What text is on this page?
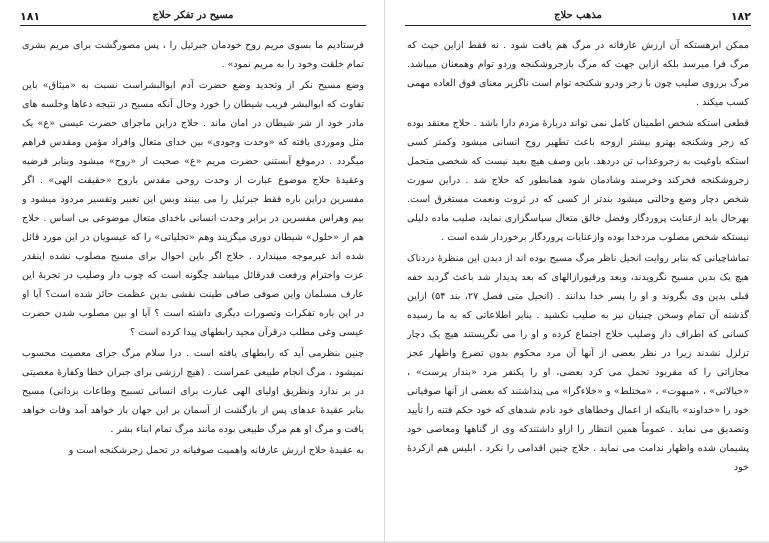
مسیح در تفکر حلاج
١٨١

فرستادیم ما بسوی مریم روح خودمان جبرئیل را ، پس مصورگشت برای مریم بشری تمام خلقت وخود را به مریم نمود» .

وضع مسیح نکر از وتجدید وضع حضرت آدم ابوالبشراست نسبت به «میثاق» باین تفاوت که ابوالبشر فریب شیطان را خورد وحال آنکه مسیح در نتیجه دعاها وخلسه های مادر خود از شر شیطان در امان ماند . حلاج دراین ماجرای حضرت عیسی «ع» یک مثل وموردی یافته که «وحدت وجودی» بین خدای متعال وافراد مؤمن ومقدس فراهم میگردد . درموقع آبستنی حضرت مریم «ع» صحبت از «روح» میشود وبنابر فرضیه وعقیدهٔ حلاج موضوع عبارت از وحدت روحی مقدس باروح «حقیقت الهی» . اگر مفسرین دراین باره فقط جبرئیل را می بینند وبس این تعبیر وتفسیر مردود میشود و بیم وهراس مفسرین در برابر وحدت انسانی باخدای متعال موضوعی بی اساس . حلاج هم از «حلول» شیطان دوری میگزیند وهم «تجلیاتی» را که عیسویان در این مورد قائل شده اند غیرموجه میپندارد . حلاج اگر باین احوال برای مسیح مصلوب نشده اینقدر عزت واحترام ورفعت قدرقائل میباشد چگونه است که چوب دار وصلیب در تجربهٔ این عارف مسلمان واین صوفی صافی طینت نقشی بدین عظمت حائز شده است؟ آیا او در این باره تفکرات وتصورات دیگری داشته است ؟ آیا او بین مصلوب شدن حضرت عیسی وغی مطلب درقرآن مجید رابطهای پیدا کرده است ؟

چنین بنظرمی آید که رابطهای یافته است . درا سلام مرگ جزای معصیت محسوب نمیشود ، مرگ انجام طبیعی عمراست . (هیچ ارزشی برای جبران خطا وکفارهٔ معصیتی در بر ندارد ونظریق اولیای الهی عبارت برای انسانی تسبیح وطاعات بزدانی) مسیح بنابر عقیدهٔ عدهای پس از بازگشت از آسمان بر این جهان باز خواهد آمد وفات خواهد یافت و مرگ او هم مرگ طبیعی بوده مانند مرگ تمام ابناء بشر .

به عقیدهٔ حلاج ارزش عارفانه واهمیت صوفیانه در تحمل زجرشکنجه است و

مذهب حلاج	١٨٢

ممکن ابزهستکه آن ارزش عارفانه در مرگ هم یافت شود . نه فقط ازاین حیث که مرگ فرا میرسد بلکه ازاین جهت که مرگ بازجروشکنجه وردو توام وهمعنان میباشد. مرگ برروی صلیب چون با زجر ودرو شکنجه توام است ناگزیر معنای فوق العاده مهمی کسب میکند .

قطعی استکه شخص اطمینان کامل نمی تواند دربارهٔ مردم دارا باشد . حلاج معتقد بوده که زجر وشکنجه بهترو بیشتر ازوجه باعث تطهیر روح انسانی میشود وکمتر کسی استکه باوغیت به زجروعذاب تن دردهد. باین وصف هیچ بعید نیست که شخصی متحمل زجروشکنجه فخرکند وخرسند وشادمان شود همانطور که حلاج شد . دراین سورت شخص دچار وضع وحالتی میشود بندتر از کسی که در ثروت ونعمت مستغرق است. بهرحال باید ازعنایت پروردگار وفضل خالق متعال سپاسگزاری نماید، صلیب ماده دلیلی نیستکه شخص مصلوب مردخدا بوده وازعنایات پروردگار برخوردار شده است .

تماشاچیانی که بنابر روایت انجیل ناظر مرگ مسیح بوده اند از دیدن این منظرهٔ دردناک هیچ یک بدین مسیح نگرویدند، وبعد ورقیورازالهای که بعد پدیدار شد باعث گردید خفه قبلی بدین وی بگروند و او را پسر خدا بدانند . (انجیل متی فصل ۲۷، بند ۵۴) ازاین گذشته آن تمام وسخن چینیان نیز به صلیب نکشید . بنابر اطلاعاتی که به ما رسیده کسانی که اطراف دار وصلیب حلاج اجتماع کرده و او را می نگریستند هیچ یک دچار تزلزل نشدند زیرا در نظر بعضی از آنها آن مرد محکوم بدون تضرع واظهار عجز مجازاتی را که مقربود تحمل می کرد بعضی، او را یکنفر مرد «بندار پرست» ، «خیالاتی» ، «مبهوت» ، «مختلط» و «خلاءگرا» می پنداشتند که بعضی از آنها صوفیانی خود را «خداوند» بااینکه از اعمال وخطاهای خود نادم شدهای که خود حکم فتنه را تأیید وتصدیق می نماید . عموماً همین انتظار را ازاو داشتندکه وی از گناهها ومعاصی خود پشیمان شده واظهار ندامت می نماید . حلاج چنین اقدامی را نکرد . ابلیس هم ازکردهٔ خود
